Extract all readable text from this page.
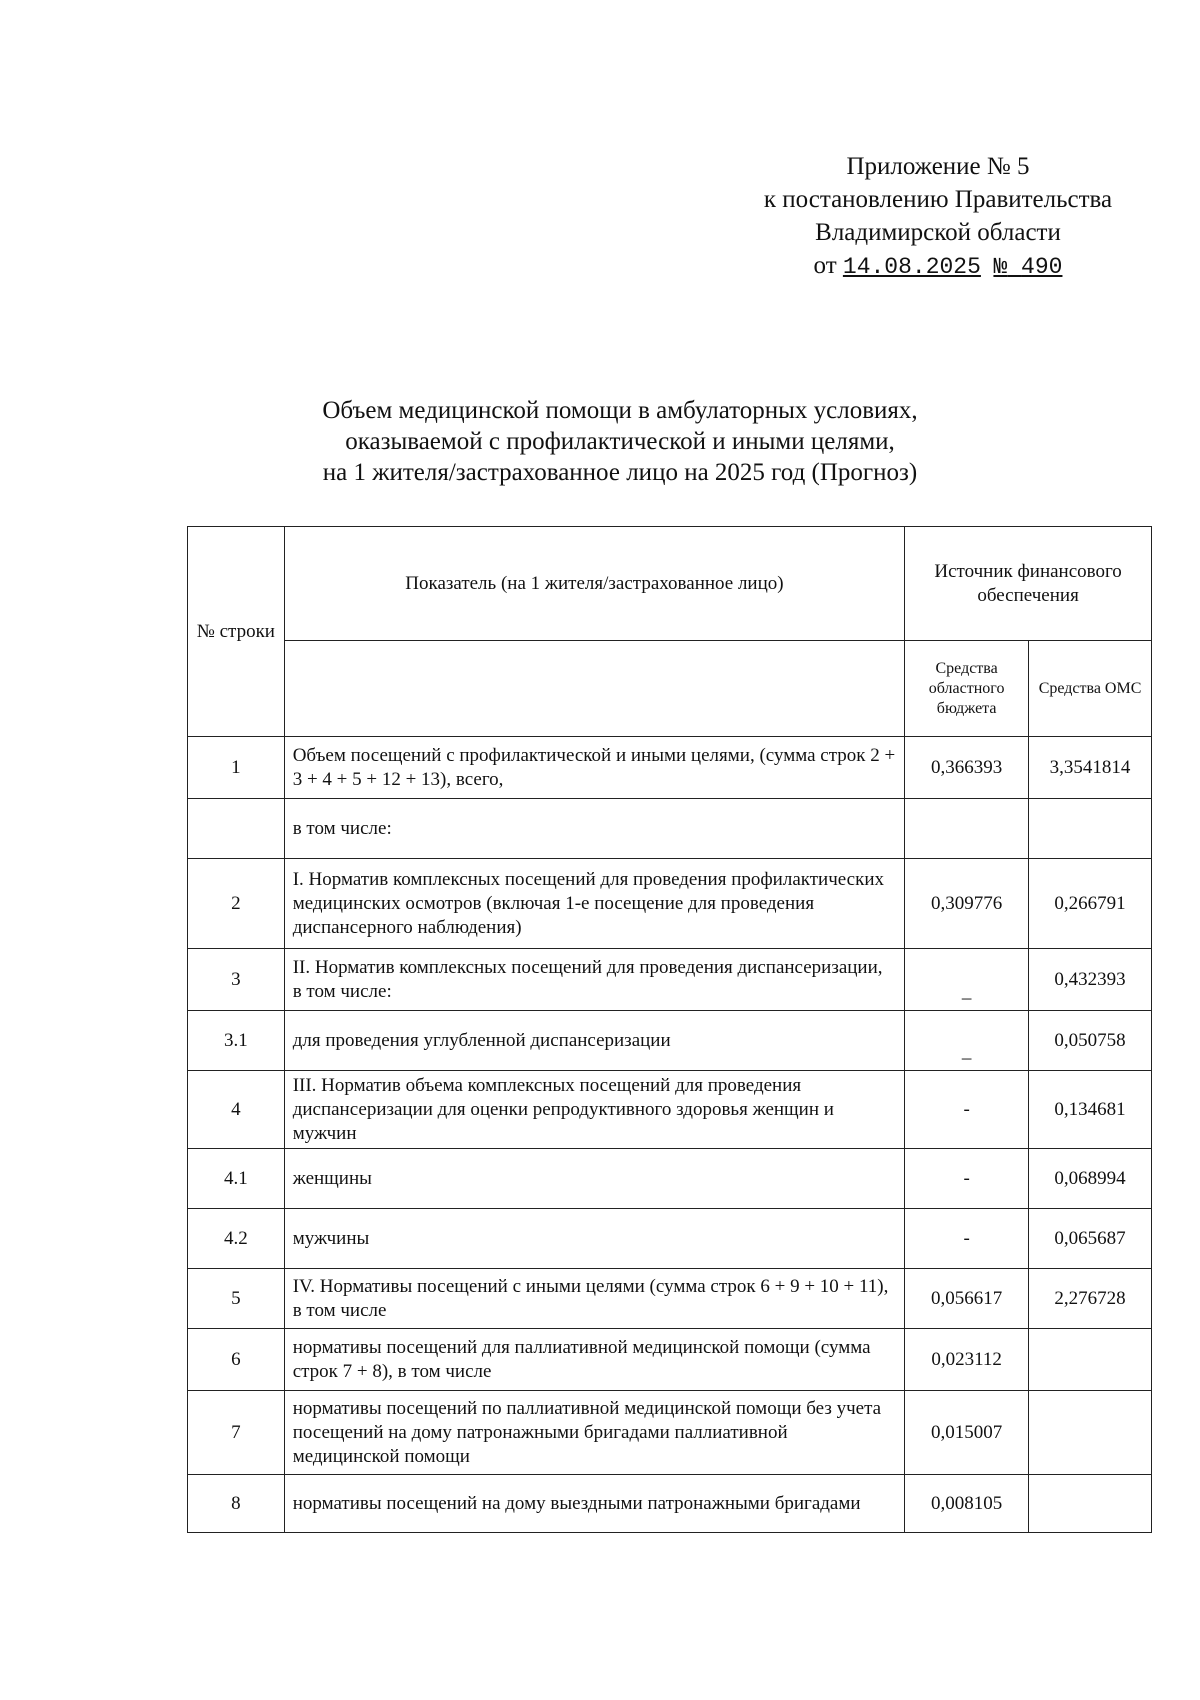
Приложение № 5
к постановлению Правительства
Владимирской области
от 14.08.2025 № 490
Объем медицинской помощи в амбулаторных условиях,
оказываемой с профилактической и иными целями,
на 1 жителя/застрахованное лицо на 2025 год (Прогноз)
№ строки	Показатель (на 1 жителя/застрахованное лицо)	Источник финансового обеспечения	
		Средства областного бюджета	Средства ОМС
1	Объем посещений с профилактической и иными целями, (сумма строк 2 + 3 + 4 + 5 + 12 + 13), всего,	0,366393	3,3541814
	в том числе:		
2	I. Норматив комплексных посещений для проведения профилактических медицинских осмотров (включая 1-е посещение для проведения диспансерного наблюдения)	0,309776	0,266791
3	II. Норматив комплексных посещений для проведения диспансеризации, в том числе:	_	0,432393
3.1	для проведения углубленной диспансеризации	_	0,050758
4	III. Норматив объема комплексных посещений для проведения диспансеризации для оценки репродуктивного здоровья женщин и мужчин	-	0,134681
4.1	женщины	-	0,068994
4.2	мужчины	-	0,065687
5	IV. Нормативы посещений с иными целями (сумма строк 6 + 9 + 10 + 11), в том числе	0,056617	2,276728
6	нормативы посещений для паллиативной медицинской помощи (сумма строк 7 + 8), в том числе	0,023112	
7	нормативы посещений по паллиативной медицинской помощи без учета посещений на дому патронажными бригадами паллиативной медицинской помощи	0,015007	
8	нормативы посещений на дому выездными патронажными бригадами	0,008105	
